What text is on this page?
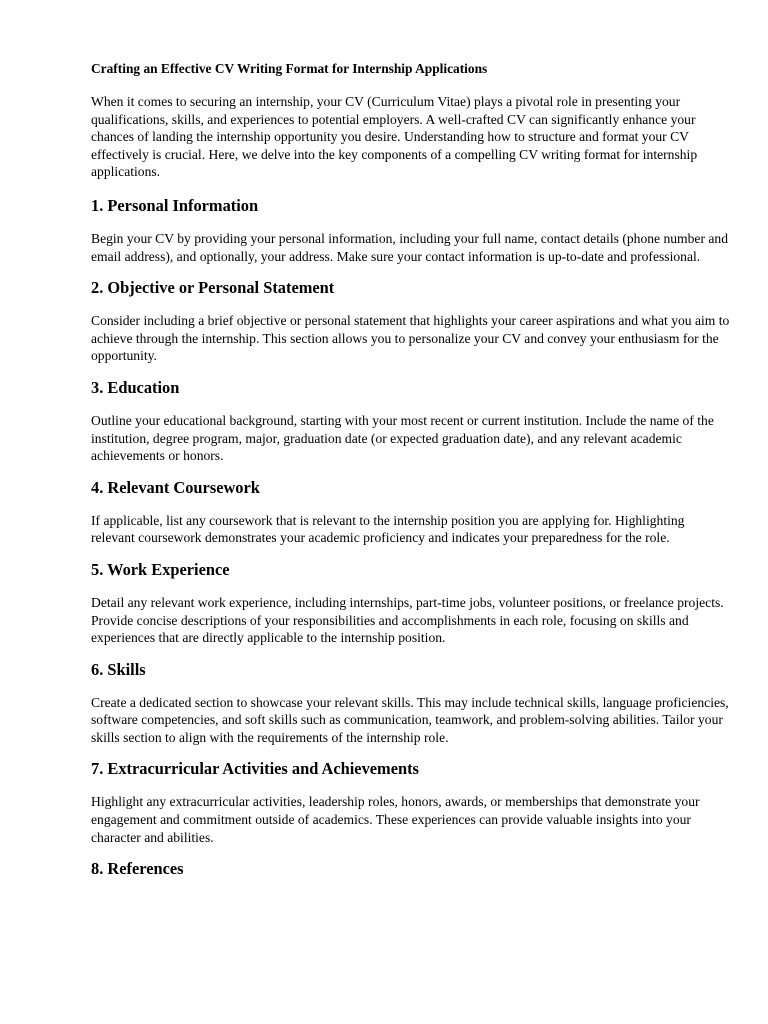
Crafting an Effective CV Writing Format for Internship Applications

When it comes to securing an internship, your CV (Curriculum Vitae) plays a pivotal role in presenting your qualifications, skills, and experiences to potential employers. A well-crafted CV can significantly enhance your chances of landing the internship opportunity you desire. Understanding how to structure and format your CV effectively is crucial. Here, we delve into the key components of a compelling CV writing format for internship applications.

1. Personal Information

Begin your CV by providing your personal information, including your full name, contact details (phone number and email address), and optionally, your address. Make sure your contact information is up-to-date and professional.

2. Objective or Personal Statement

Consider including a brief objective or personal statement that highlights your career aspirations and what you aim to achieve through the internship. This section allows you to personalize your CV and convey your enthusiasm for the opportunity.

3. Education

Outline your educational background, starting with your most recent or current institution. Include the name of the institution, degree program, major, graduation date (or expected graduation date), and any relevant academic achievements or honors.

4. Relevant Coursework

If applicable, list any coursework that is relevant to the internship position you are applying for. Highlighting relevant coursework demonstrates your academic proficiency and indicates your preparedness for the role.

5. Work Experience

Detail any relevant work experience, including internships, part-time jobs, volunteer positions, or freelance projects. Provide concise descriptions of your responsibilities and accomplishments in each role, focusing on skills and experiences that are directly applicable to the internship position.

6. Skills

Create a dedicated section to showcase your relevant skills. This may include technical skills, language proficiencies, software competencies, and soft skills such as communication, teamwork, and problem-solving abilities. Tailor your skills section to align with the requirements of the internship role.

7. Extracurricular Activities and Achievements

Highlight any extracurricular activities, leadership roles, honors, awards, or memberships that demonstrate your engagement and commitment outside of academics. These experiences can provide valuable insights into your character and abilities.

8. References
